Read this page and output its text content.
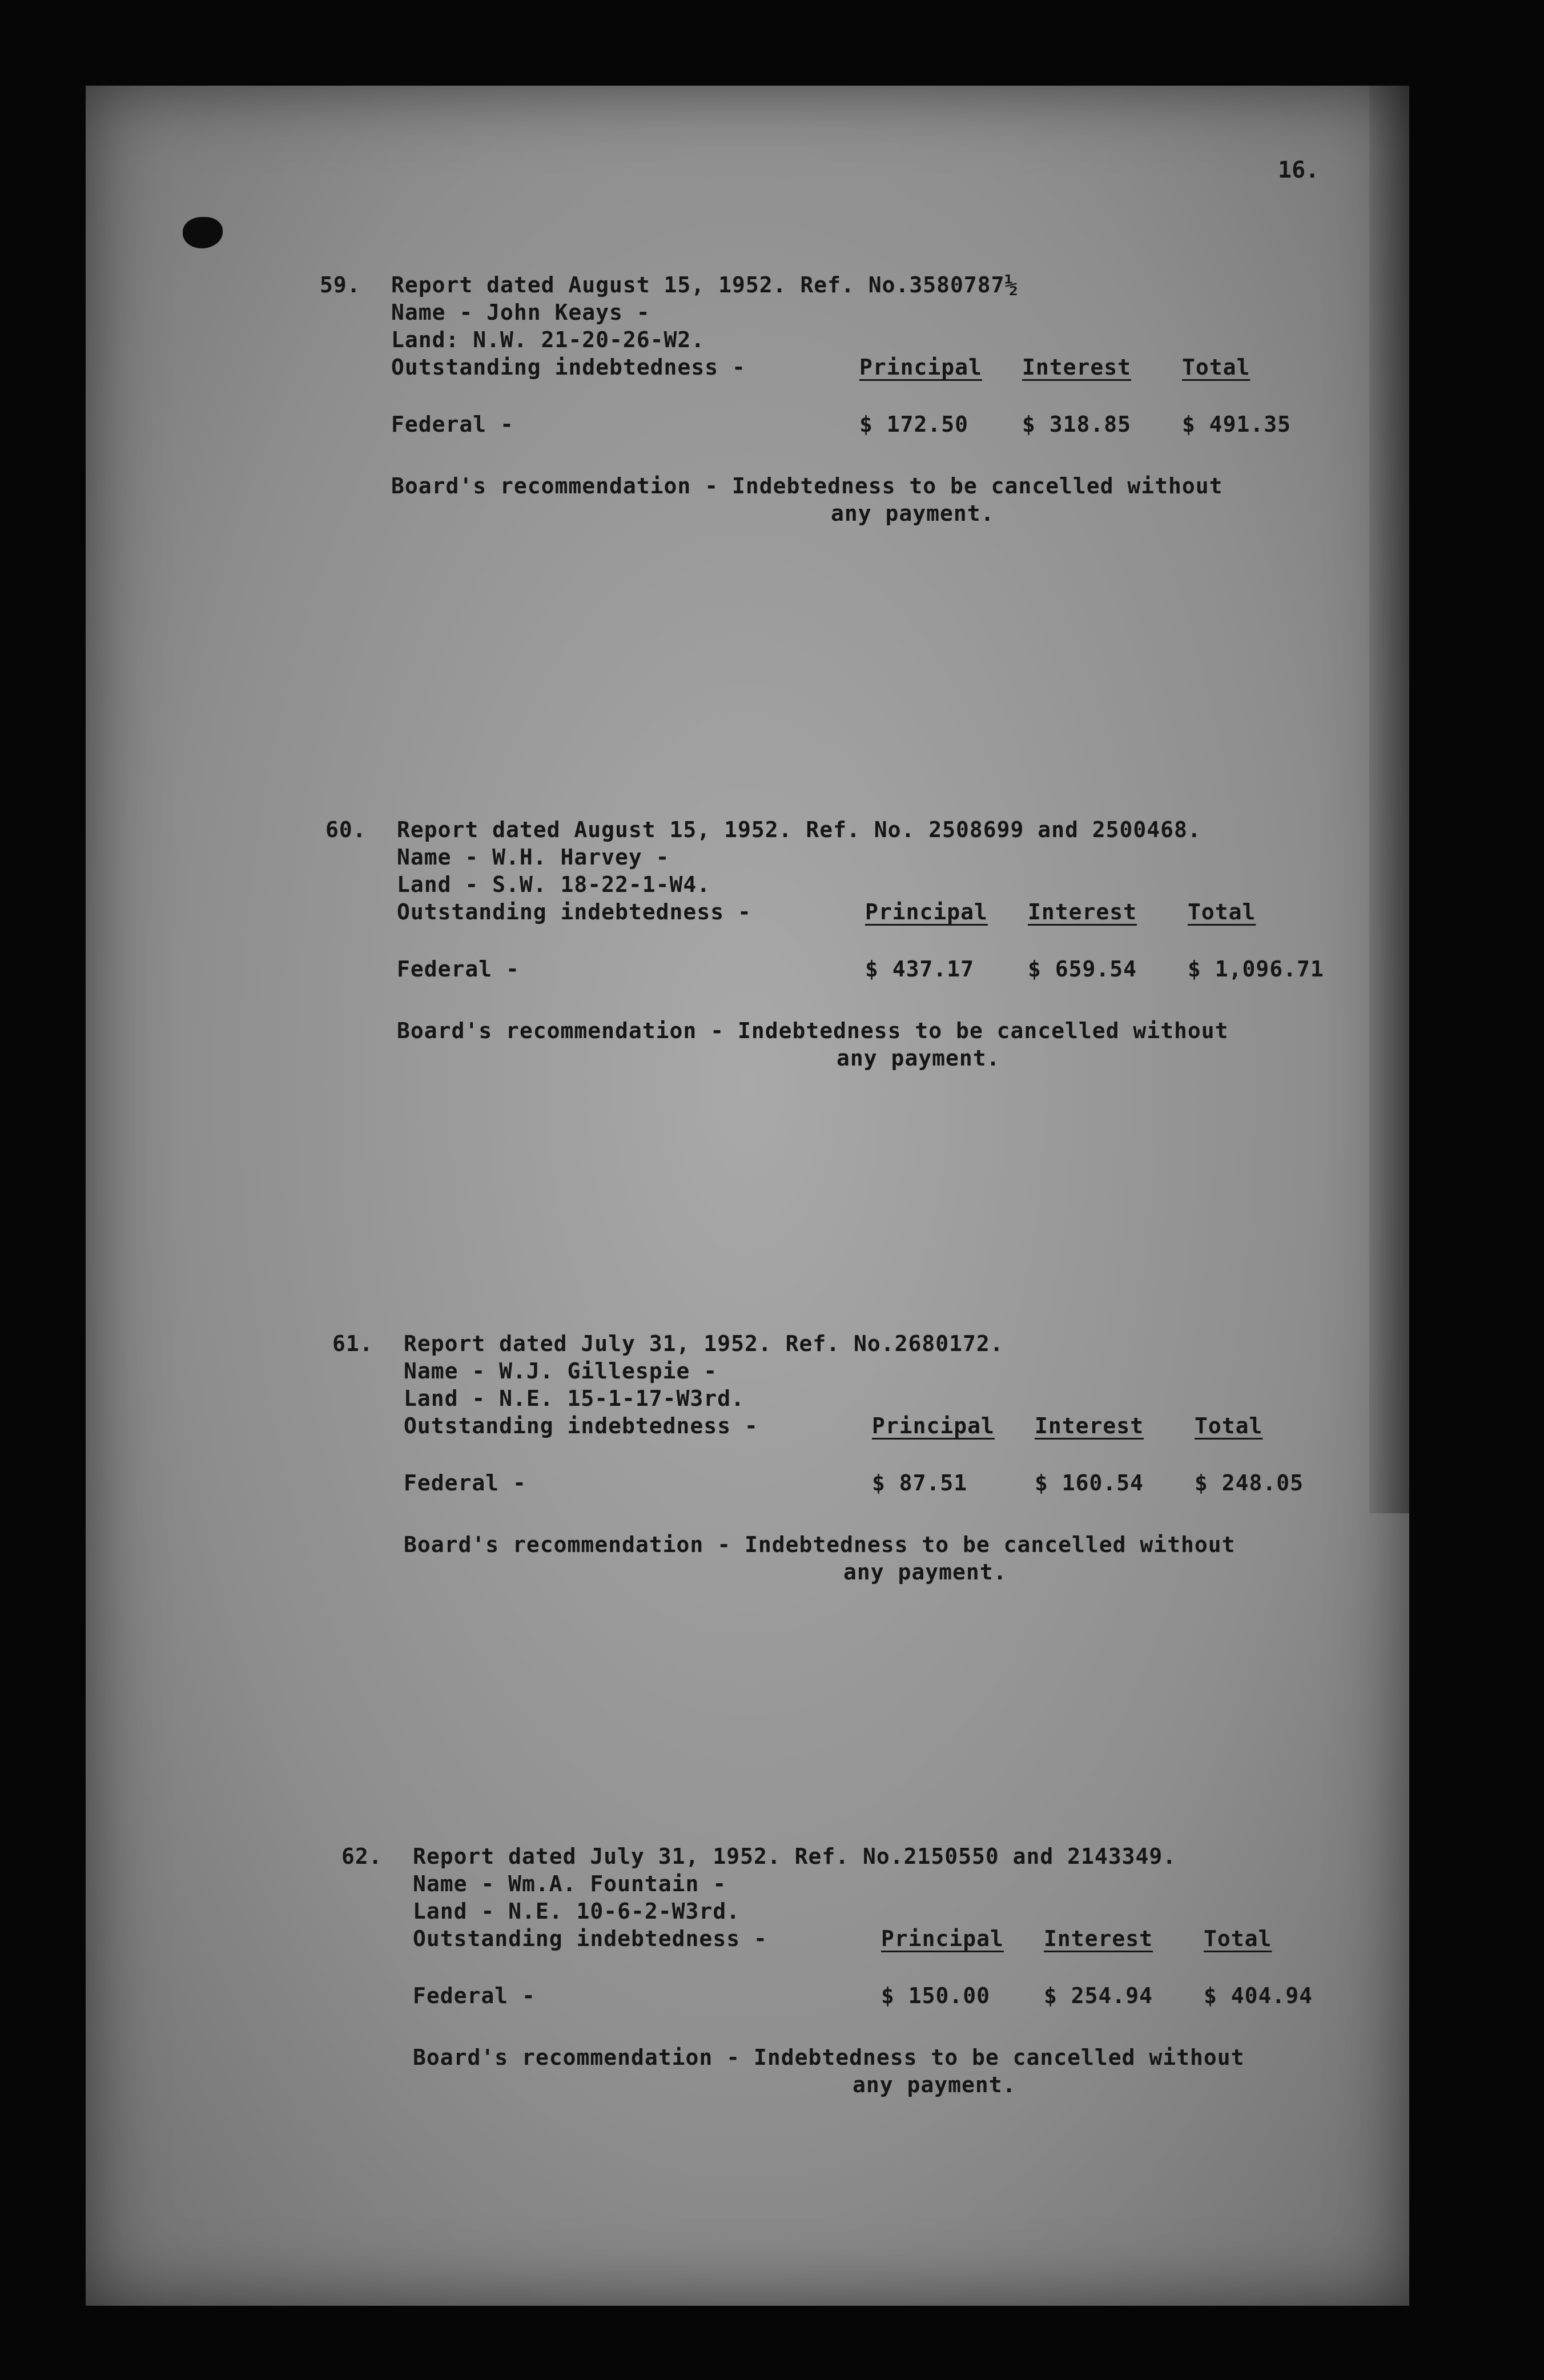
16.
59.	Report dated August 15, 1952. Ref. No.3580787½
Name - John Keays -
Land: N.W. 21-20-26-W2.
Outstanding indebtedness -	Principal Interest Total
Federal -	$ 172.50 $ 318.85 $ 491.35
Board's recommendation - Indebtedness to be cancelled without
any payment.
60.	Report dated August 15, 1952. Ref. No. 2508699 and 2500468.
Name - W.H. Harvey -
Land - S.W. 18-22-1-W4.
Outstanding indebtedness -	Principal Interest Total
Federal -	$ 437.17 $ 659.54 $ 1,096.71
Board's recommendation - Indebtedness to be cancelled without
any payment.
61.	Report dated July 31, 1952. Ref. No.2680172.
Name - W.J. Gillespie -
Land - N.E. 15-1-17-W3rd.
Outstanding indebtedness -	Principal Interest Total
Federal -	$ 87.51	$ 160.54 $ 248.05
Board's recommendation - Indebtedness to be cancelled without
any payment.
62.	Report dated July 31, 1952. Ref. No.2150550 and 2143349.
Name - Wm.A. Fountain -
Land - N.E. 10-6-2-W3rd.
Outstanding indebtedness -	Principal Interest Total
Federal -	$ 150.00 $ 254.94 $ 404.94
Board's recommendation - Indebtedness to be cancelled without
any payment.
